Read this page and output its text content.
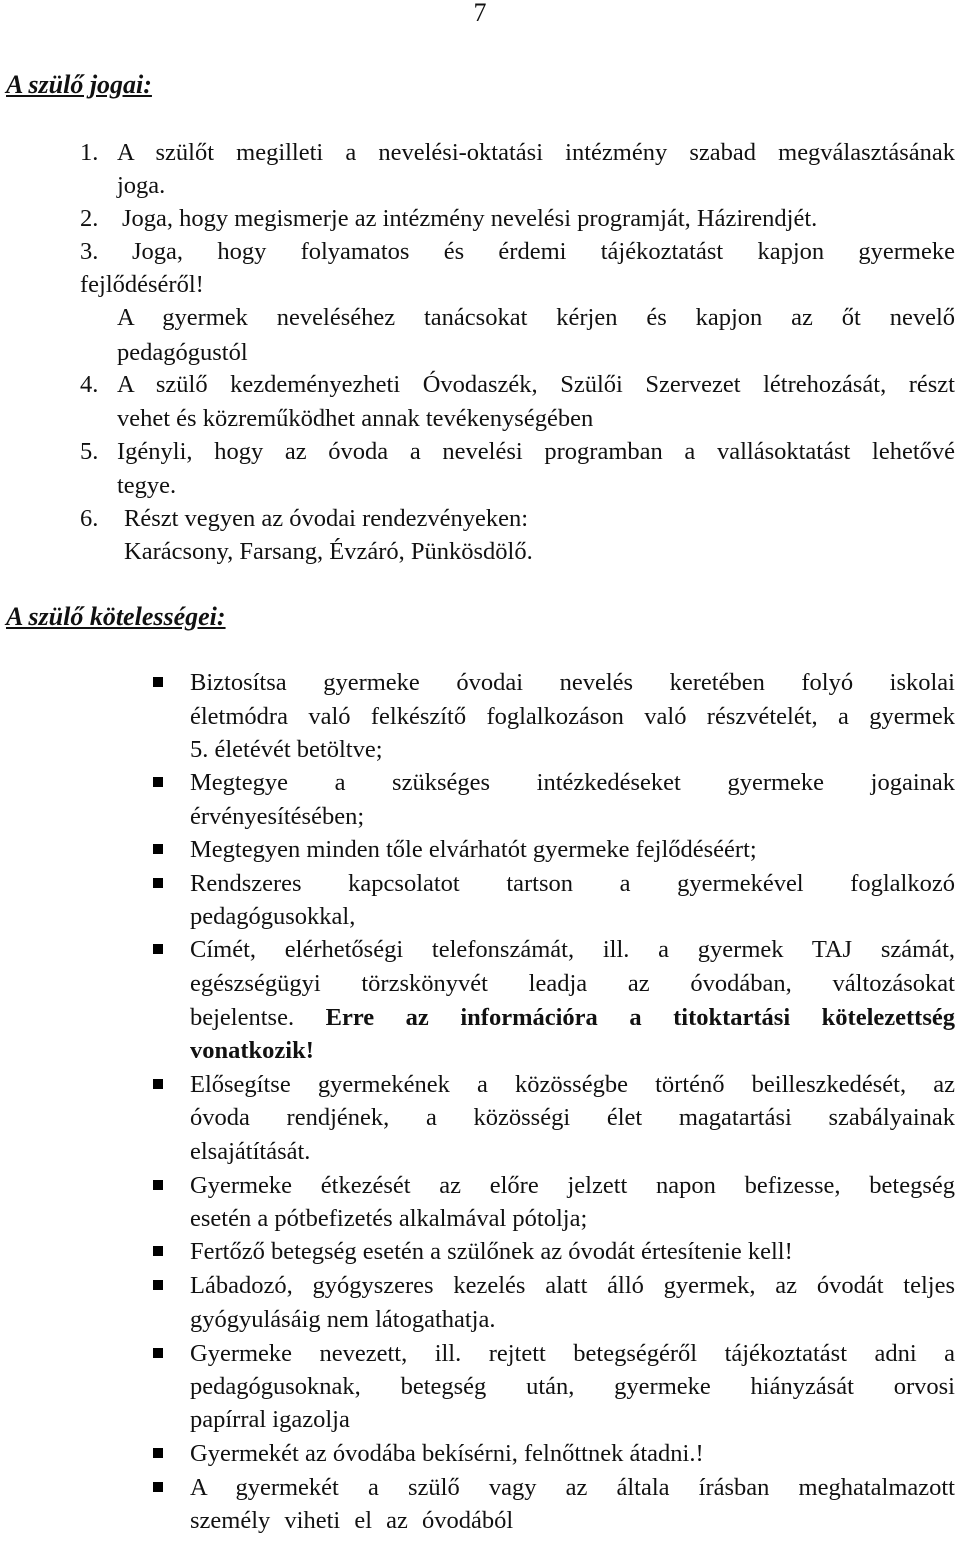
7
A szülő jogai:
1. A szülőt megilleti a nevelési-oktatási intézmény szabad megválasztásának
joga.
2. Joga, hogy megismerje az intézmény nevelési programját, Házirendjét.
3. Joga, hogy folyamatos és érdemi tájékoztatást kapjon gyermeke
fejlődéséről!
A gyermek neveléséhez tanácsokat kérjen és kapjon az őt nevelő
pedagógustól
4. A szülő kezdeményezheti Óvodaszék, Szülői Szervezet létrehozását, részt
vehet és közreműködhet annak tevékenységében
5. Igényli, hogy az óvoda a nevelési programban a vallásoktatást lehetővé
tegye.
6. Részt vegyen az óvodai rendezvényeken:
Karácsony, Farsang, Évzáró, Pünkösdölő.
A szülő kötelességei:
Biztosítsa gyermeke óvodai nevelés keretében folyó iskolai
életmódra való felkészítő foglalkozáson való részvételét, a gyermek
5. életévét betöltve;
Megtegye a szükséges intézkedéseket gyermeke jogainak
érvényesítésében;
Megtegyen minden tőle elvárhatót gyermeke fejlődéséért;
Rendszeres kapcsolatot tartson a gyermekével foglalkozó
pedagógusokkal,
Címét, elérhetőségi telefonszámát, ill. a gyermek TAJ számát,
egészségügyi törzskönyvét leadja az óvodában, változásokat
bejelentse. Erre az információra a titoktartási kötelezettség
vonatkozik!
Elősegítse gyermekének a közösségbe történő beilleszkedését, az
óvoda rendjének, a közösségi élet magatartási szabályainak
elsajátítását.
Gyermeke étkezését az előre jelzett napon befizesse, betegség
esetén a pótbefizetés alkalmával pótolja;
Fertőző betegség esetén a szülőnek az óvodát értesítenie kell!
Lábadozó, gyógyszeres kezelés alatt álló gyermek, az óvodát teljes
gyógyulásáig nem látogathatja.
Gyermeke nevezett, ill. rejtett betegségéről tájékoztatást adni a
pedagógusoknak, betegség után, gyermeke hiányzását orvosi
papírral igazolja
Gyermekét az óvodába bekísérni, felnőttnek átadni.!
A gyermekét a szülő vagy az általa írásban meghatalmazott
személy viheti el az óvodából
